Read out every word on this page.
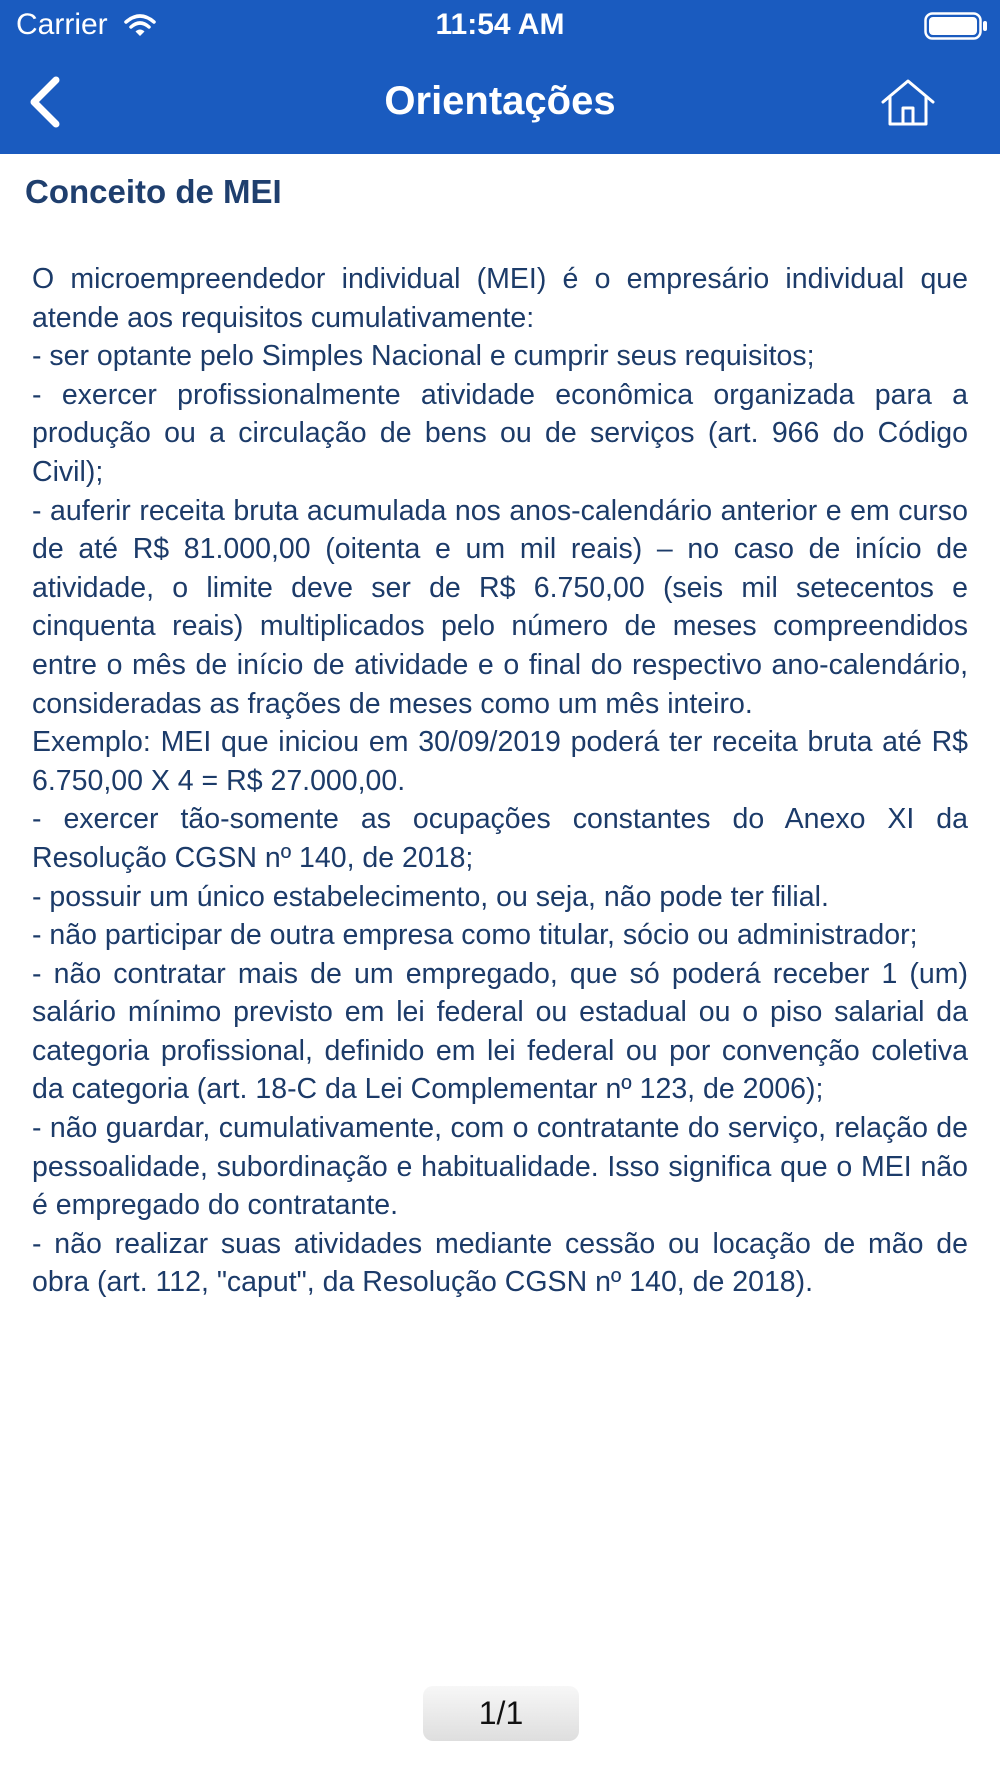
Carrier	11:54 AM
Orientações
Conceito de MEI

O microempreendedor individual (MEI) é o empresário individual que atende aos requisitos cumulativamente:

- ser optante pelo Simples Nacional e cumprir seus requisitos;

- exercer profissionalmente atividade econômica organizada para a produção ou a circulação de bens ou de serviços (art. 966 do Código Civil);

- auferir receita bruta acumulada nos anos-calendário anterior e em curso de até R$ 81.000,00 (oitenta e um mil reais) – no caso de início de atividade, o limite deve ser de R$ 6.750,00 (seis mil setecentos e cinquenta reais) multiplicados pelo número de meses compreendidos entre o mês de início de atividade e o final do respectivo ano-calendário, consideradas as frações de meses como um mês inteiro.

Exemplo: MEI que iniciou em 30/09/2019 poderá ter receita bruta até R$ 6.750,00 X 4 = R$ 27.000,00.

- exercer tão-somente as ocupações constantes do Anexo XI da Resolução CGSN nº 140, de 2018;

- possuir um único estabelecimento, ou seja, não pode ter filial.

- não participar de outra empresa como titular, sócio ou administrador;

- não contratar mais de um empregado, que só poderá receber 1 (um) salário mínimo previsto em lei federal ou estadual ou o piso salarial da categoria profissional, definido em lei federal ou por convenção coletiva da categoria (art. 18-C da Lei Complementar nº 123, de 2006);

- não guardar, cumulativamente, com o contratante do serviço, relação de pessoalidade, subordinação e habitualidade. Isso significa que o MEI não é empregado do contratante.

- não realizar suas atividades mediante cessão ou locação de mão de obra (art. 112, "caput", da Resolução CGSN nº 140, de 2018).

1/1
